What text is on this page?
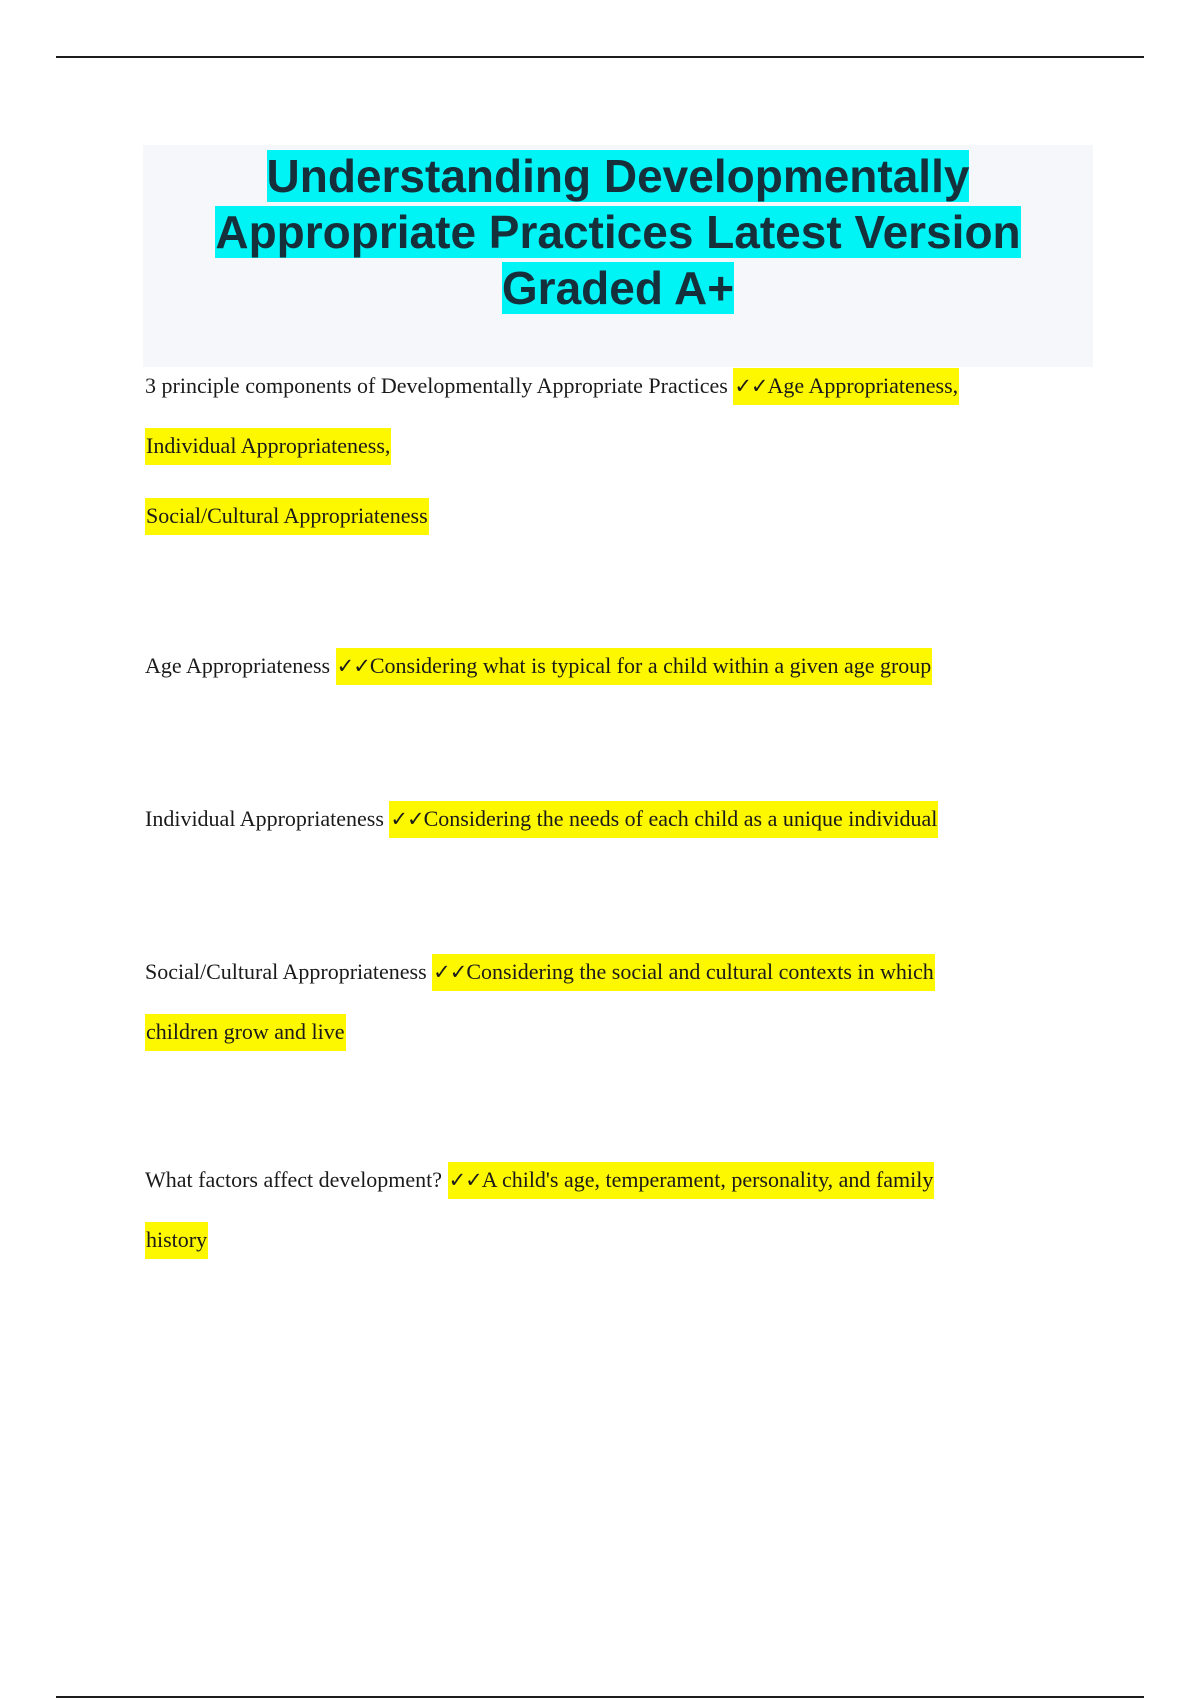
Understanding Developmentally
Appropriate Practices Latest Version
Graded A+
3 principle components of Developmentally Appropriate Practices ✓✓Age Appropriateness,
Individual Appropriateness,
Social/Cultural Appropriateness
Age Appropriateness ✓✓Considering what is typical for a child within a given age group
Individual Appropriateness ✓✓Considering the needs of each child as a unique individual
Social/Cultural Appropriateness ✓✓Considering the social and cultural contexts in which
children grow and live
What factors affect development? ✓✓A child's age, temperament, personality, and family
history
